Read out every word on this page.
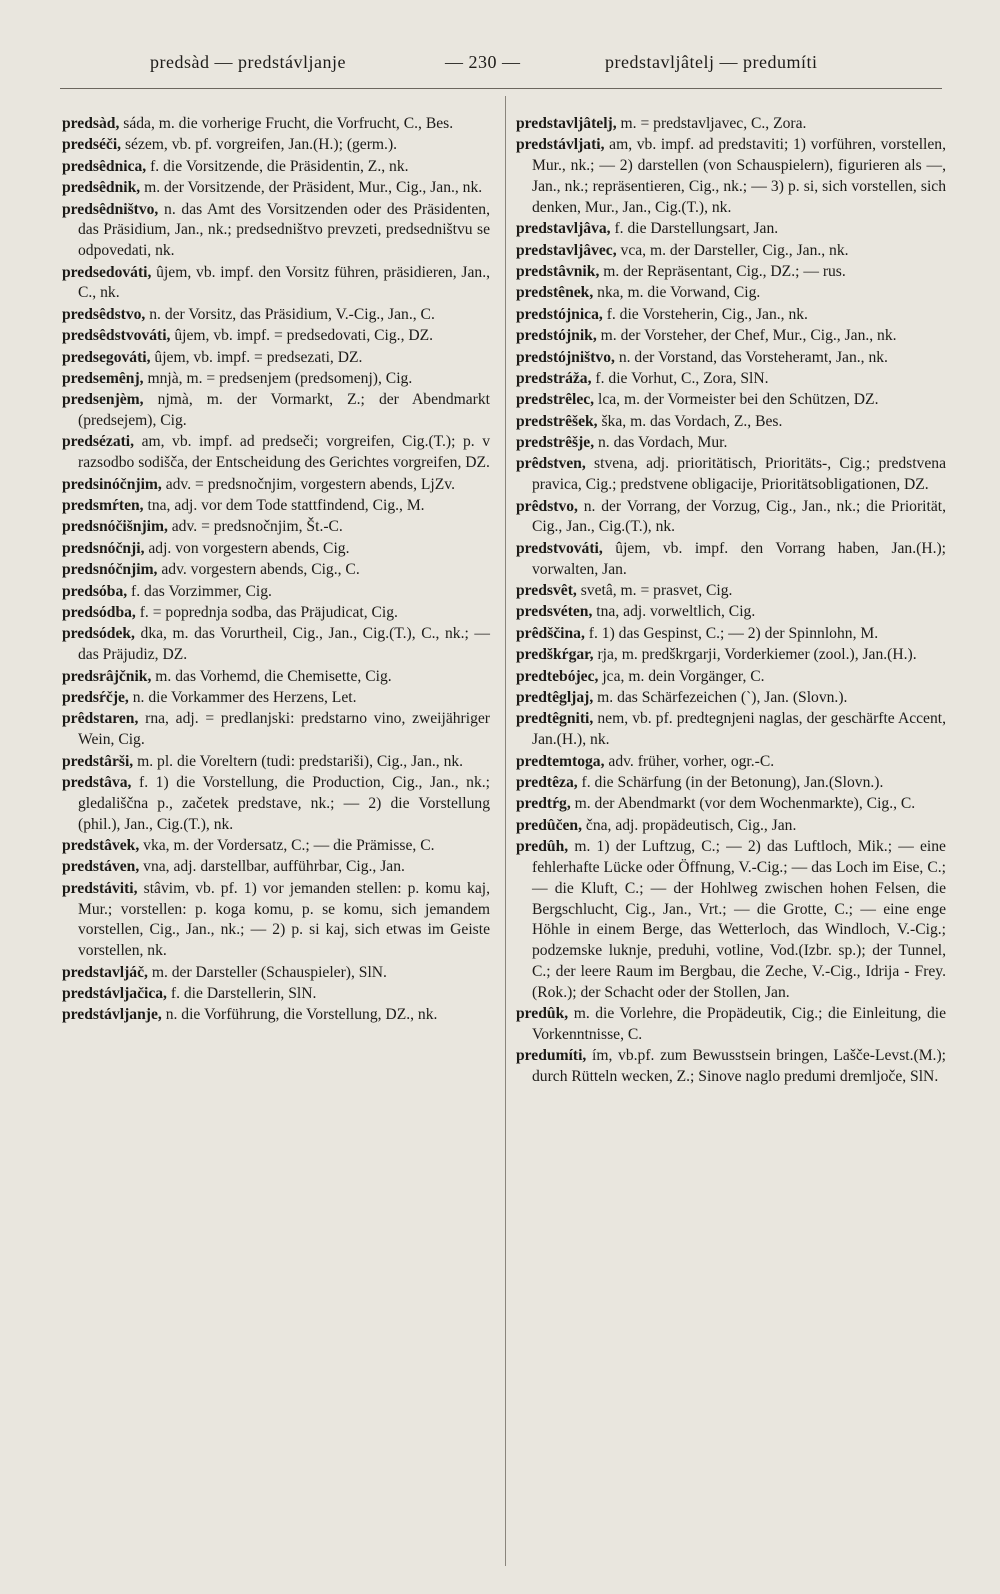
predsàd — predstávljanje	— 230 —	predstavljâtelj — predumíti

predsàd, sáda, m. die vorherige Frucht, die Vorfrucht, C., Bes.

predséči, sézem, vb. pf. vorgreifen, Jan.(H.); (germ.).

predsêdnica, f. die Vorsitzende, die Präsidentin, Z., nk.

predsêdnik, m. der Vorsitzende, der Präsident, Mur., Cig., Jan., nk.

predsêdništvo, n. das Amt des Vorsitzenden oder des Präsidenten, das Präsidium, Jan., nk.; predsedništvo prevzeti, predsedništvu se odpovedati, nk.

predsedováti, ûjem, vb. impf. den Vorsitz führen, präsidieren, Jan., C., nk.

predsêdstvo, n. der Vorsitz, das Präsidium, V.-Cig., Jan., C.

predsêdstvováti, ûjem, vb. impf. = predsedovati, Cig., DZ.

predsegováti, ûjem, vb. impf. = predsezati, DZ.

predsemênj, mnjà, m. = predsenjem (predsomenj), Cig.

predsenjèm, njmà, m. der Vormarkt, Z.; der Abendmarkt (predsejem), Cig.

predsézati, am, vb. impf. ad predseči; vorgreifen, Cig.(T.); p. v razsodbo sodišča, der Entscheidung des Gerichtes vorgreifen, DZ.

predsinóčnjim, adv. = predsnočnjim, vorgestern abends, LjZv.

predsmŕten, tna, adj. vor dem Tode stattfindend, Cig., M.

predsnóčišnjim, adv. = predsnočnjim, Št.-C.

predsnóčnji, adj. von vorgestern abends, Cig.

predsnóčnjim, adv. vorgestern abends, Cig., C.

predsóba, f. das Vorzimmer, Cig.

predsódba, f. = poprednja sodba, das Präjudicat, Cig.

predsódek, dka, m. das Vorurtheil, Cig., Jan., Cig.(T.), C., nk.; — das Präjudiz, DZ.

predsrâjčnik, m. das Vorhemd, die Chemisette, Cig.

predsŕčje, n. die Vorkammer des Herzens, Let.

prêdstaren, rna, adj. = predlanjski: predstarno vino, zweijähriger Wein, Cig.

predstârši, m. pl. die Voreltern (tudi: predstariši), Cig., Jan., nk.

predstâva, f. 1) die Vorstellung, die Production, Cig., Jan., nk.; gledališčna p., začetek predstave, nk.; — 2) die Vorstellung (phil.), Jan., Cig.(T.), nk.

predstâvek, vka, m. der Vordersatz, C.; — die Prämisse, C.

predstáven, vna, adj. darstellbar, aufführbar, Cig., Jan.

predstáviti, stâvim, vb. pf. 1) vor jemanden stellen: p. komu kaj, Mur.; vorstellen: p. koga komu, p. se komu, sich jemandem vorstellen, Cig., Jan., nk.; — 2) p. si kaj, sich etwas im Geiste vorstellen, nk.

predstavljáč, m. der Darsteller (Schauspieler), SlN.

predstávljačica, f. die Darstellerin, SlN.

predstávljanje, n. die Vorführung, die Vorstellung, DZ., nk.

predstavljâtelj, m. = predstavljavec, C., Zora.

predstávljati, am, vb. impf. ad predstaviti; 1) vorführen, vorstellen, Mur., nk.; — 2) darstellen (von Schauspielern), figurieren als —, Jan., nk.; repräsentieren, Cig., nk.; — 3) p. si, sich vorstellen, sich denken, Mur., Jan., Cig.(T.), nk.

predstavljâva, f. die Darstellungsart, Jan.

predstavljâvec, vca, m. der Darsteller, Cig., Jan., nk.

predstâvnik, m. der Repräsentant, Cig., DZ.; — rus.

predstênek, nka, m. die Vorwand, Cig.

predstójnica, f. die Vorsteherin, Cig., Jan., nk.

predstójnik, m. der Vorsteher, der Chef, Mur., Cig., Jan., nk.

predstójništvo, n. der Vorstand, das Vorsteheramt, Jan., nk.

predstráža, f. die Vorhut, C., Zora, SlN.

predstrêlec, lca, m. der Vormeister bei den Schützen, DZ.

predstrêšek, ška, m. das Vordach, Z., Bes.

predstrêšje, n. das Vordach, Mur.

prêdstven, stvena, adj. prioritätisch, Prioritäts-, Cig.; predstvena pravica, Cig.; predstvene obligacije, Prioritätsobligationen, DZ.

prêdstvo, n. der Vorrang, der Vorzug, Cig., Jan., nk.; die Priorität, Cig., Jan., Cig.(T.), nk.

predstvováti, ûjem, vb. impf. den Vorrang haben, Jan.(H.); vorwalten, Jan.

predsvêt, svetâ, m. = prasvet, Cig.

predsvéten, tna, adj. vorweltlich, Cig.

prêdščina, f. 1) das Gespinst, C.; — 2) der Spinnlohn, M.

predškŕgar, rja, m. predškrgarji, Vorderkiemer (zool.), Jan.(H.).

predtebójec, jca, m. dein Vorgänger, C.

predtêgljaj, m. das Schärfezeichen (`), Jan. (Slovn.).

predtêgniti, nem, vb. pf. predtegnjeni naglas, der geschärfte Accent, Jan.(H.), nk.

predtemtoga, adv. früher, vorher, ogr.-C.

predtêza, f. die Schärfung (in der Betonung), Jan.(Slovn.).

predtŕg, m. der Abendmarkt (vor dem Wochenmarkte), Cig., C.

predûčen, čna, adj. propädeutisch, Cig., Jan.

predûh, m. 1) der Luftzug, C.; — 2) das Luftloch, Mik.; — eine fehlerhafte Lücke oder Öffnung, V.-Cig.; — das Loch im Eise, C.; — die Kluft, C.; — der Hohlweg zwischen hohen Felsen, die Bergschlucht, Cig., Jan., Vrt.; — die Grotte, C.; — eine enge Höhle in einem Berge, das Wetterloch, das Windloch, V.-Cig.; podzemske luknje, preduhi, votline, Vod.(Izbr. sp.); der Tunnel, C.; der leere Raum im Bergbau, die Zeche, V.-Cig., Idrija - Frey.(Rok.); der Schacht oder der Stollen, Jan.

predûk, m. die Vorlehre, die Propädeutik, Cig.; die Einleitung, die Vorkenntnisse, C.

predumíti, ím, vb.pf. zum Bewusstsein bringen, Lašče-Levst.(M.); durch Rütteln wecken, Z.; Sinove naglo predumi dremljoče, SlN.
